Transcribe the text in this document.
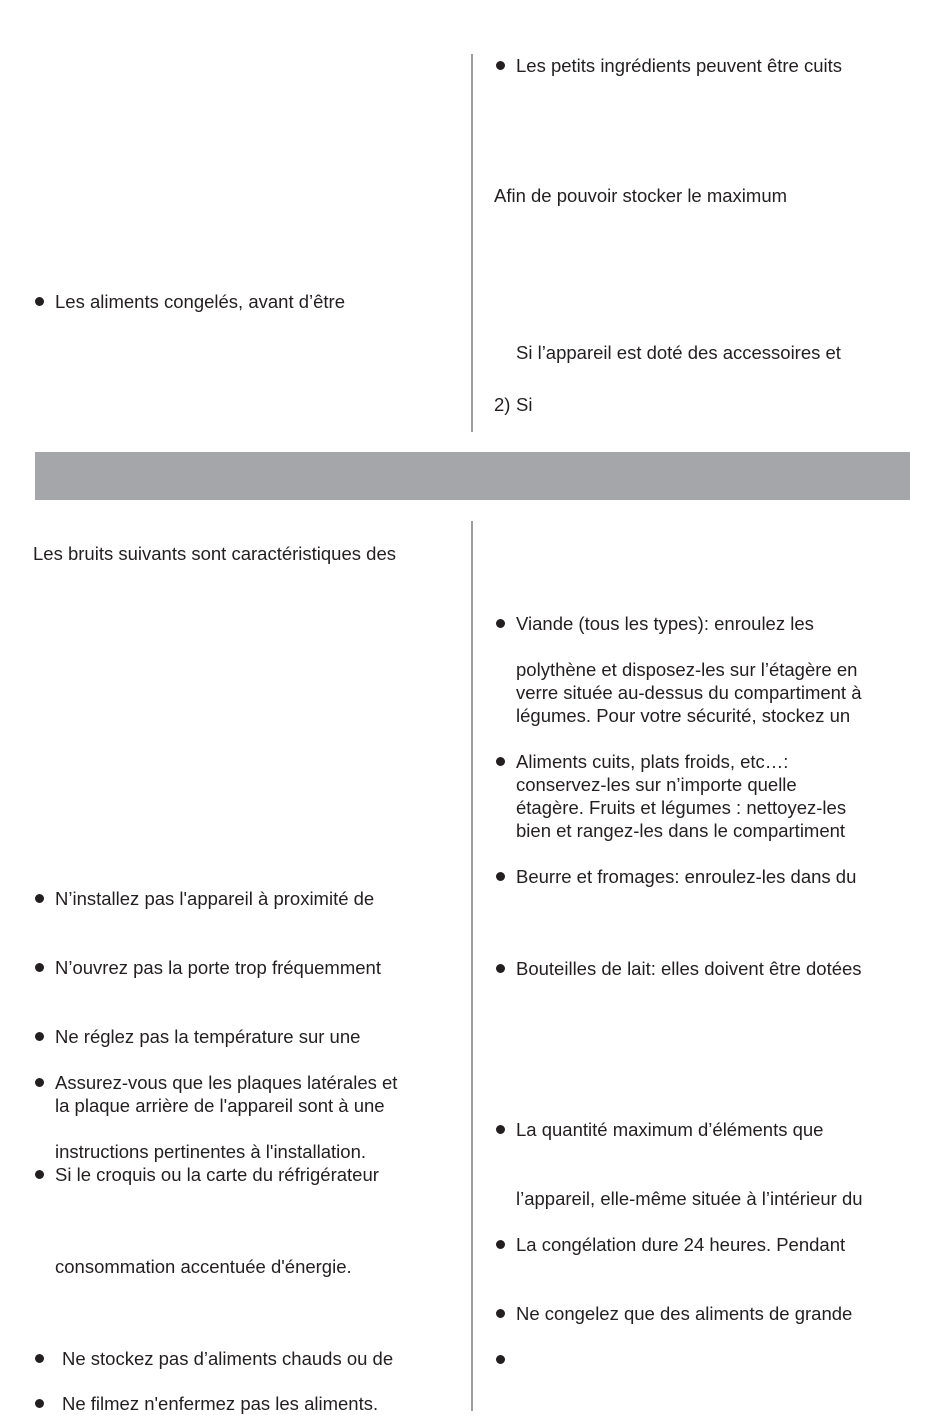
Les petits ingrédients peuvent être cuits
Afin de pouvoir stocker le maximum
Si l’appareil est doté des accessoires et
2) Si
Les aliments congelés, avant d’être
Les bruits suivants sont caractéristiques des
N’installez pas l'appareil à proximité de
N’ouvrez pas la porte trop fréquemment
Ne réglez pas la température sur une
Assurez-vous que les plaques latérales et
la plaque arrière de l'appareil sont à une
instructions pertinentes à l'installation.
Si le croquis ou la carte du réfrigérateur
consommation accentuée d'énergie.
Ne stockez pas d’aliments chauds ou de
Ne filmez n'enfermez pas les aliments.
Viande (tous les types): enroulez les
polythène et disposez-les sur l’étagère en
verre située au-dessus du compartiment à
légumes. Pour votre sécurité, stockez un
Aliments cuits, plats froids, etc…:
conservez-les sur n’importe quelle
étagère. Fruits et légumes : nettoyez-les
bien et rangez-les dans le compartiment
Beurre et fromages: enroulez-les dans du
Bouteilles de lait: elles doivent être dotées
La quantité maximum d’éléments que
l’appareil, elle-même située à l’intérieur du
La congélation dure 24 heures. Pendant
Ne congelez que des aliments de grande
